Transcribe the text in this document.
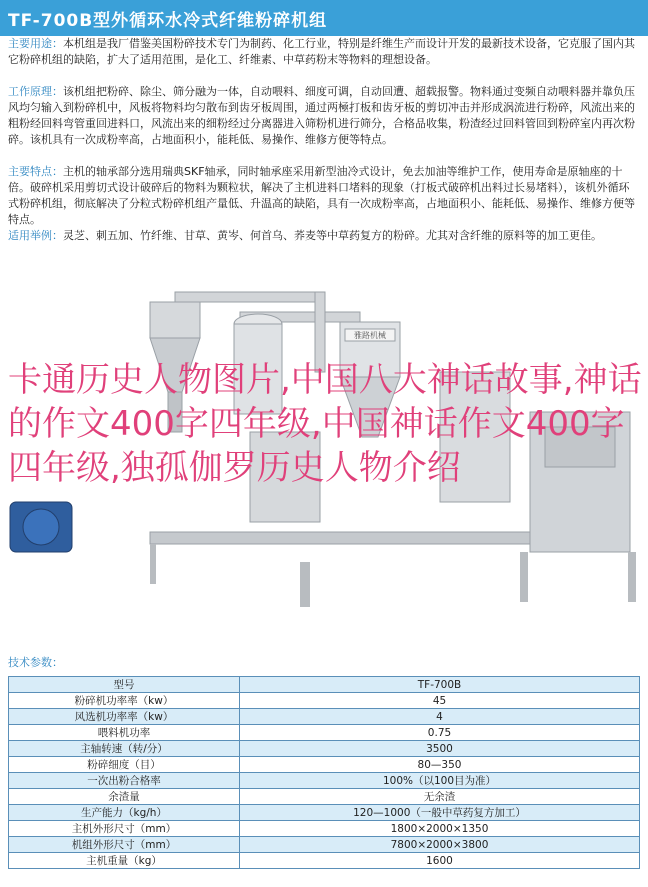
TF-700B型外循环水冷式纤维粉碎机组

主要用途：本机组是我厂借鉴美国粉碎技术专门为制药、化工行业，特别是纤维生产而设计开发的最新技术设备，它克服了国内其它粉碎机组的缺陷，扩大了适用范围，是化工、纤维素、中草药粉末等物料的理想设备。

工作原理：该机组把粉碎、除尘、筛分融为一体，自动喂料、细度可调，自动回遭、超载报警。物料通过变频自动喂料器并靠负压风均匀输入到粉碎机中，风板将物料均匀散布到齿牙板周围，通过两極打板和齿牙板的剪切冲击并形成涡流进行粉碎，风流出来的粗粉经回料弯管重回进料口，风流出来的细粉经过分离器进入筛粉机进行筛分，合格品收集，粉渣经过回料管回到粉碎室内再次粉碎。该机具有一次成粉率高，占地面积小，能耗低、易操作、维修方便等特点。

主要特点：主机的轴承部分选用瑞典SKF轴承，同时轴承座采用新型油冷式设计，免去加油等维护工作，使用寿命是原轴座的十倍。破碎机采用剪切式设计破碎后的物料为颗粒状，解决了主机进料口堵料的现象（打板式破碎机出料过长易堵料），该机外循环式粉碎机组，彻底解决了分粒式粉碎机组产量低、升温高的缺陷，具有一次成粉率高，占地面积小、能耗低、易操作、维修方便等特点。

适用举例：灵芝、刺五加、竹纤维、甘草、黄岑、何首乌、荞麦等中草药复方的粉碎。尤其对含纤维的原料等的加工更佳。

雅路机械

卡通历史人物图片,中国八大神话故事,神话的作文400字四年级,中国神话作文400字四年级,独孤伽罗历史人物介绍

技术参数：
型号	TF-700B
粉碎机功率率（kw）	45
风选机功率率（kw）	4
喂料机功率	0.75
主轴转速（转/分）	3500
粉碎细度（目）	80—350
一次出粉合格率	100%（以100目为准）
余渣量	无余渣
生产能力（kg/h）	120—1000（一般中草药复方加工）
主机外形尺寸（mm）	1800×2000×1350
机组外形尺寸（mm）	7800×2000×3800
主机重量（kg）	1600
